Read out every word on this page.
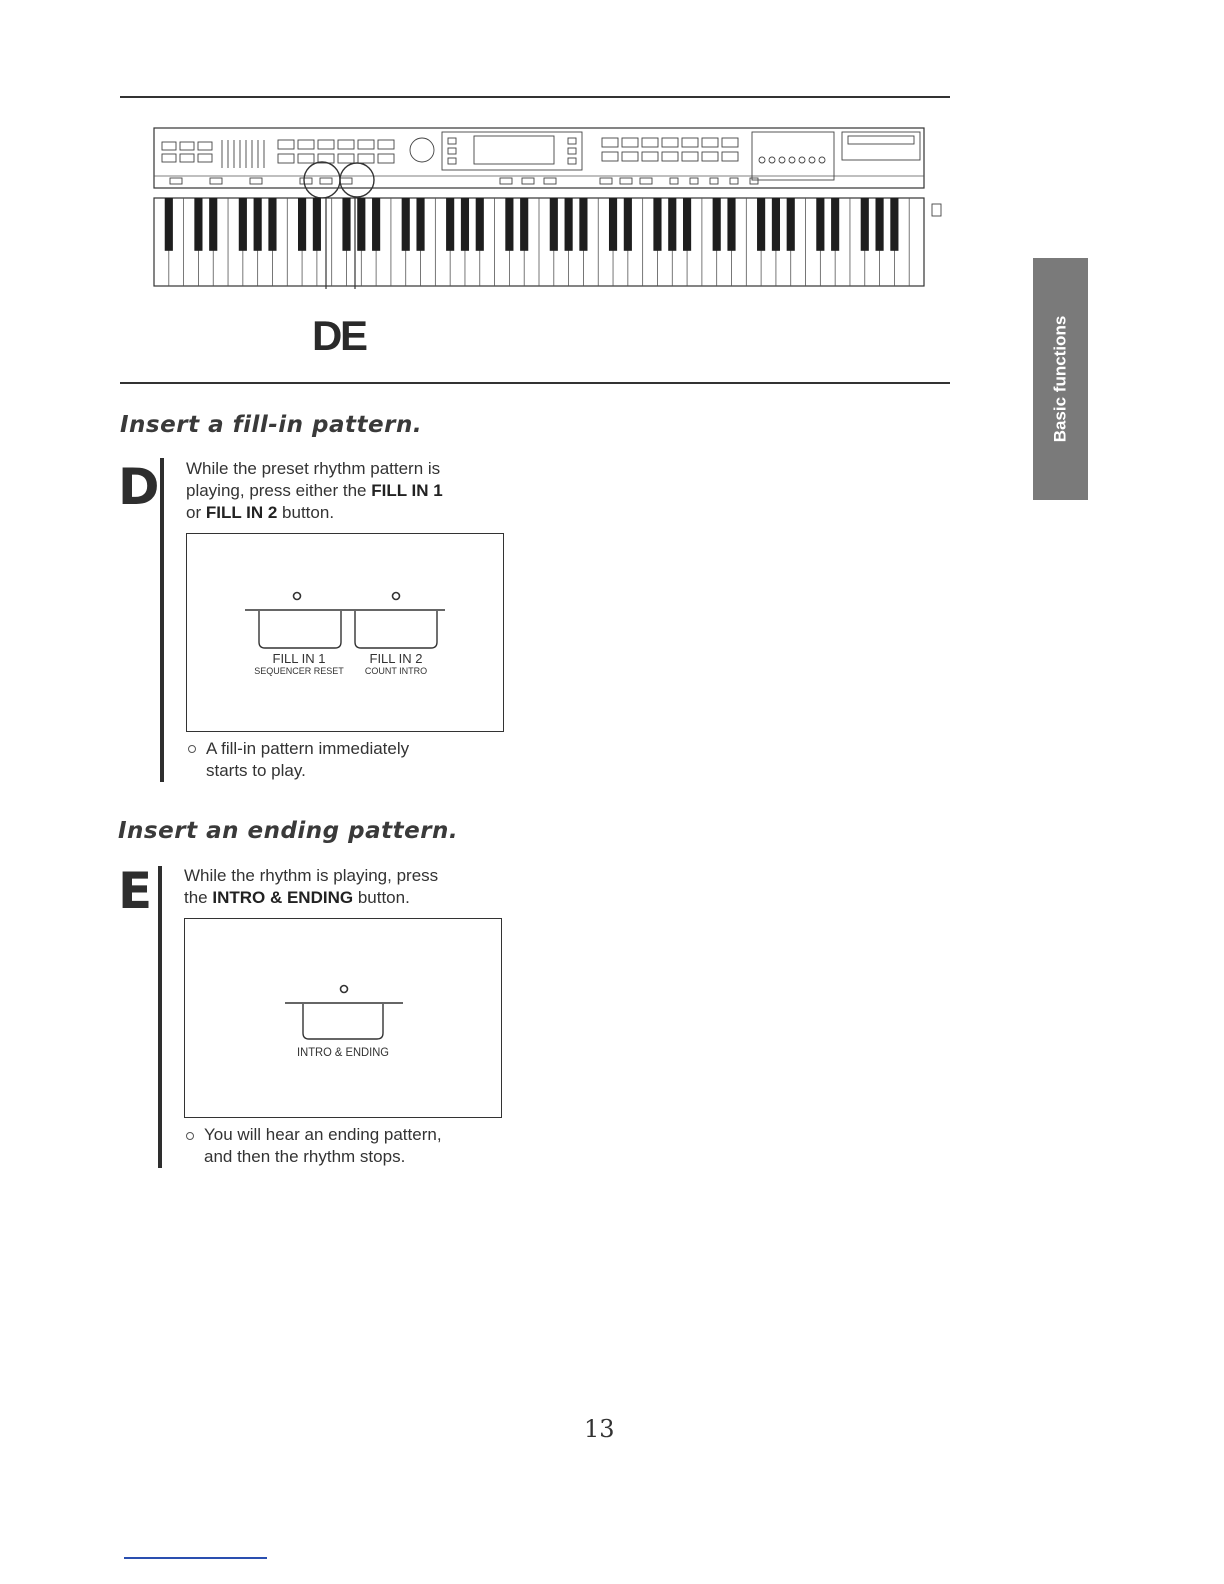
D
E	Basic functions
Insert a fill-in pattern.
D While the preset rhythm pattern is
playing, press either the FILL IN 1
or FILL IN 2 button.
FILL IN 1
SEQUENCER RESET
FILL IN 2
COUNT INTRO
A fill-in pattern immediately
starts to play.
Insert an ending pattern.
E While the rhythm is playing, press
the INTRO & ENDING button.
INTRO & ENDING
You will hear an ending pattern,
and then the rhythm stops.
13
